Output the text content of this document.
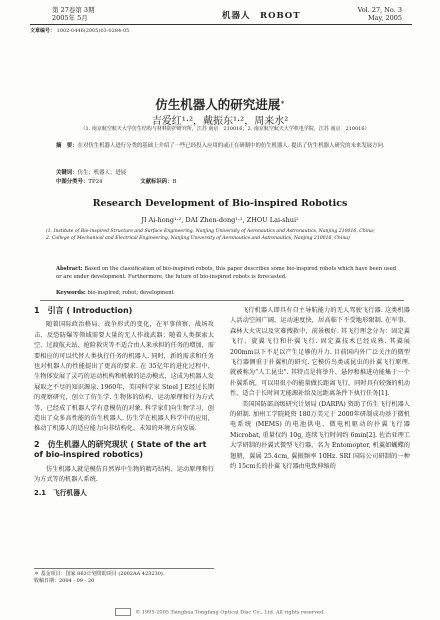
第 27卷第 3期
2005年 5月	机器人　ROBOT
Vol. 27, No. 3
May, 2005
文章编号： 1002-0446(2005)03-0284-05
仿生机器人的研究进展＊
吉爱红¹·²，戴振东¹·²，周来水²
（1. 南京航空航天大学仿生结构与材料防护研究所，江苏 南京　210016；2. 南京航空航天大学机电学院，江苏 南京　210016）
摘　要：在对仿生机器人进行分类的基础上介绍了一些已经投入应用的或正在研制中的仿生机器人. 提出了仿生机器人研究的未来发展方向.
关键词：仿生；机器人；进展
中图分类号：TP24	文献标识码：B
Research Development of Bio-inspired Robotics
JI Ai-hong¹·², DAI Zhen-dong¹·², ZHOU Lai-shui²
(1. Institute of Bio-inspired Structure and Surface Engineering, Nanjing University of Aeronautics and Astronautics, Nanjing 210016, China;
2. College of Mechanical and Electrical Engineering, Nanjing University of Aeronautics and Astronautics, Nanjing 210016, China)
Abstract: Based on the classification of bio-inspired robots, this paper describes some bio-inspired robots which have been used or are under development. Furthermore, the future of bio-inspired robots is forecasted.
Keywords: bio-inspired; robot; development
1　引言 ( Introduction)

随着国际政治格局、战争形式的变化，在军事侦察、战场攻击、反恐防爆等领域需要大量的无人作战武器；随着人类探索太空、过渡航天站、抢险救灾等不适合由人来承担的任务的增加，需要相应的可以代替人类执行任务的机器人. 同时，新的需求和任务也对机器人的性能提出了更高的要求. 在 35亿年的进化过程中，生物体发展了灵巧的运动机构和机敏的运动模式，这成为机器人发展取之不尽的知识源泉. 1960年，美国科学家 Steel J E经过长期的观察研究，创立了仿生学. 生物体的结构、运动原理和行为方式等，已经成了机器人学有意模仿的对象. 科学家们向生物学习，创造出了众多高性能的仿生机器人. 仿生学在机器人科学中的应用，推动了机器人的适应能力向非结构化、未知的环境方向发展.

2　仿生机器人的研究现状 ( State of the art of bio-inspired robotics)

仿生机器人就是模仿自然界中生物的精巧结构、运动原理和行为方式等的机器人系统.

2.1　飞行机器人

飞行机器人即具有自主导航能力的无人驾驶飞行器. 这类机器人活动空间广阔，运动速度快，居高临下不受地形限制. 在军事、森林大火灾以及灾难搜救中，前景极好. 其飞行理念分为：固定翼飞行、旋翼飞行和扑翼飞行. 固定翼技术已经成熟. 其翼展 200mm以下不足以产生足够的升力. 目前国内外广泛关注的微型飞行器侧重于扑翼机的研究. 它模仿鸟类或昆虫的扑翼飞行原理. 就被称为“人工昆虫”. 其特点是将举升、悬停和推进功能集于一个扑翼系统，可以用很小的能量做长距离飞行，同时具有较强的机动性，适合于长时间无能源补给及远距离条件下执行任务[1].

美国国防部高级研究计划局 (DARPA) 资助了仿生飞行机器人的研制. 加州工学院耗资 180万美元于 2000年研制成功基于微机电系统 (MEMS) 的电池供电、微电机驱动的扑翼飞行器 Microbat, 重量仅约 10g, 连续飞行时间约 6min[2]. 佐治亚理工大学研制的扑翼式微型飞行器，名为 Entomopter, 机翼如蝴蝶的翅膀，翼展 25.4cm, 翼振频率 10Hz. SRI 国际公司研制的一种约 15cm长的扑翼飞行器由电致伸缩的

＊ 基金项目：国家 863计划资助项目 (2002AA 423230).
收稿日期：2004 - 09 - 20
© 1995-2005 Tsinghua Tongfang Optical Disc Co., Ltd. All rights reserved.
